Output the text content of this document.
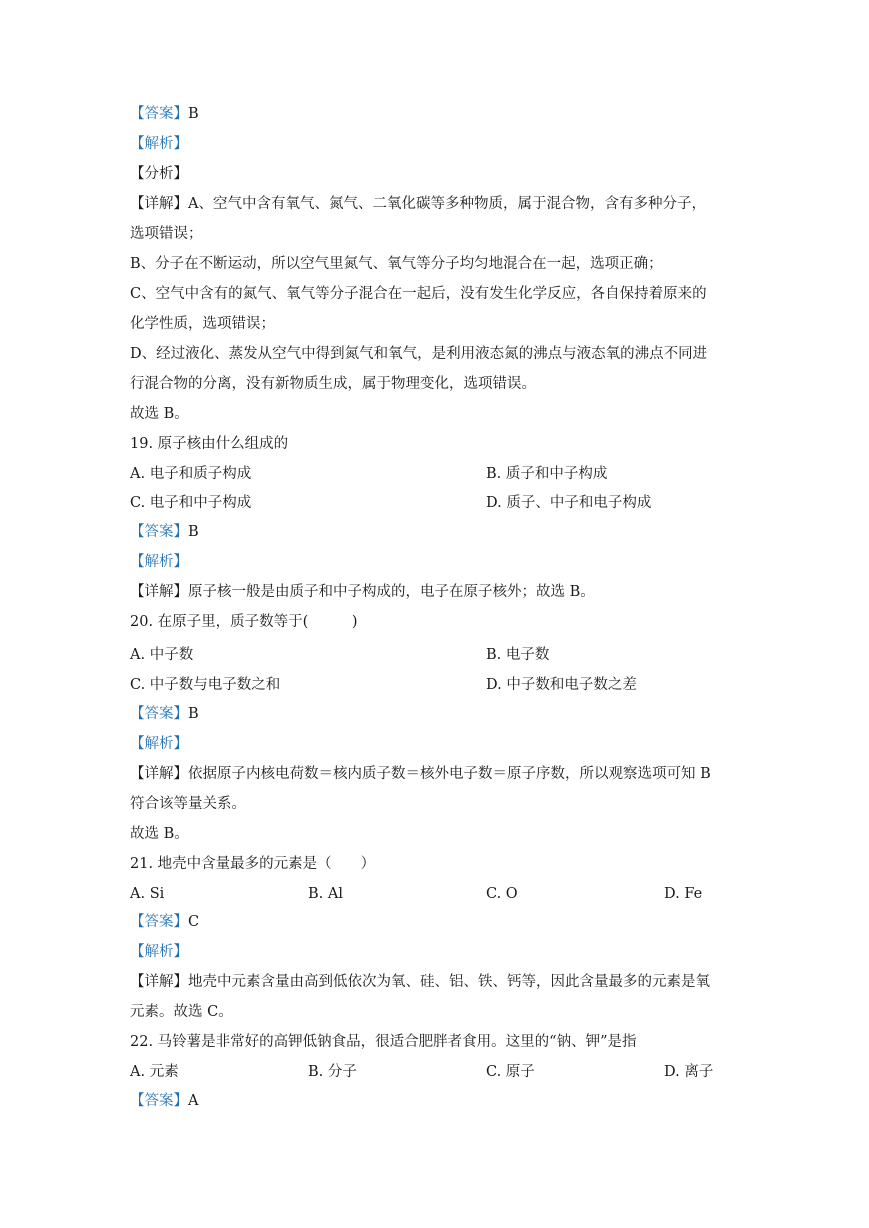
【答案】B
【解析】
【分析】
【详解】A、空气中含有氧气、氮气、二氧化碳等多种物质，属于混合物，含有多种分子，
选项错误；
B、分子在不断运动，所以空气里氮气、氧气等分子均匀地混合在一起，选项正确；
C、空气中含有的氮气、氧气等分子混合在一起后，没有发生化学反应，各自保持着原来的
化学性质，选项错误；
D、经过液化、蒸发从空气中得到氮气和氧气，是利用液态氮的沸点与液态氧的沸点不同进
行混合物的分离，没有新物质生成，属于物理变化，选项错误。
故选 B。
19. 原子核由什么组成的
A. 电子和质子构成	B. 质子和中子构成
C. 电子和中子构成	D. 质子、中子和电子构成
【答案】B
【解析】
【详解】原子核一般是由质子和中子构成的，电子在原子核外；故选 B。
20. 在原子里，质子数等于(　　　)
A. 中子数	B. 电子数
C. 中子数与电子数之和	D. 中子数和电子数之差
【答案】B
【解析】
【详解】依据原子内核电荷数＝核内质子数＝核外电子数＝原子序数，所以观察选项可知 B
符合该等量关系。
故选 B。
21. 地壳中含量最多的元素是（　　）
A. Si	B. Al	C. O	D. Fe
【答案】C
【解析】
【详解】地壳中元素含量由高到低依次为氧、硅、铝、铁、钙等，因此含量最多的元素是氧
元素。故选 C。
22. 马铃薯是非常好的高钾低钠食品，很适合肥胖者食用。这里的“钠、钾”是指
A. 元素	B. 分子	C. 原子	D. 离子
【答案】A
